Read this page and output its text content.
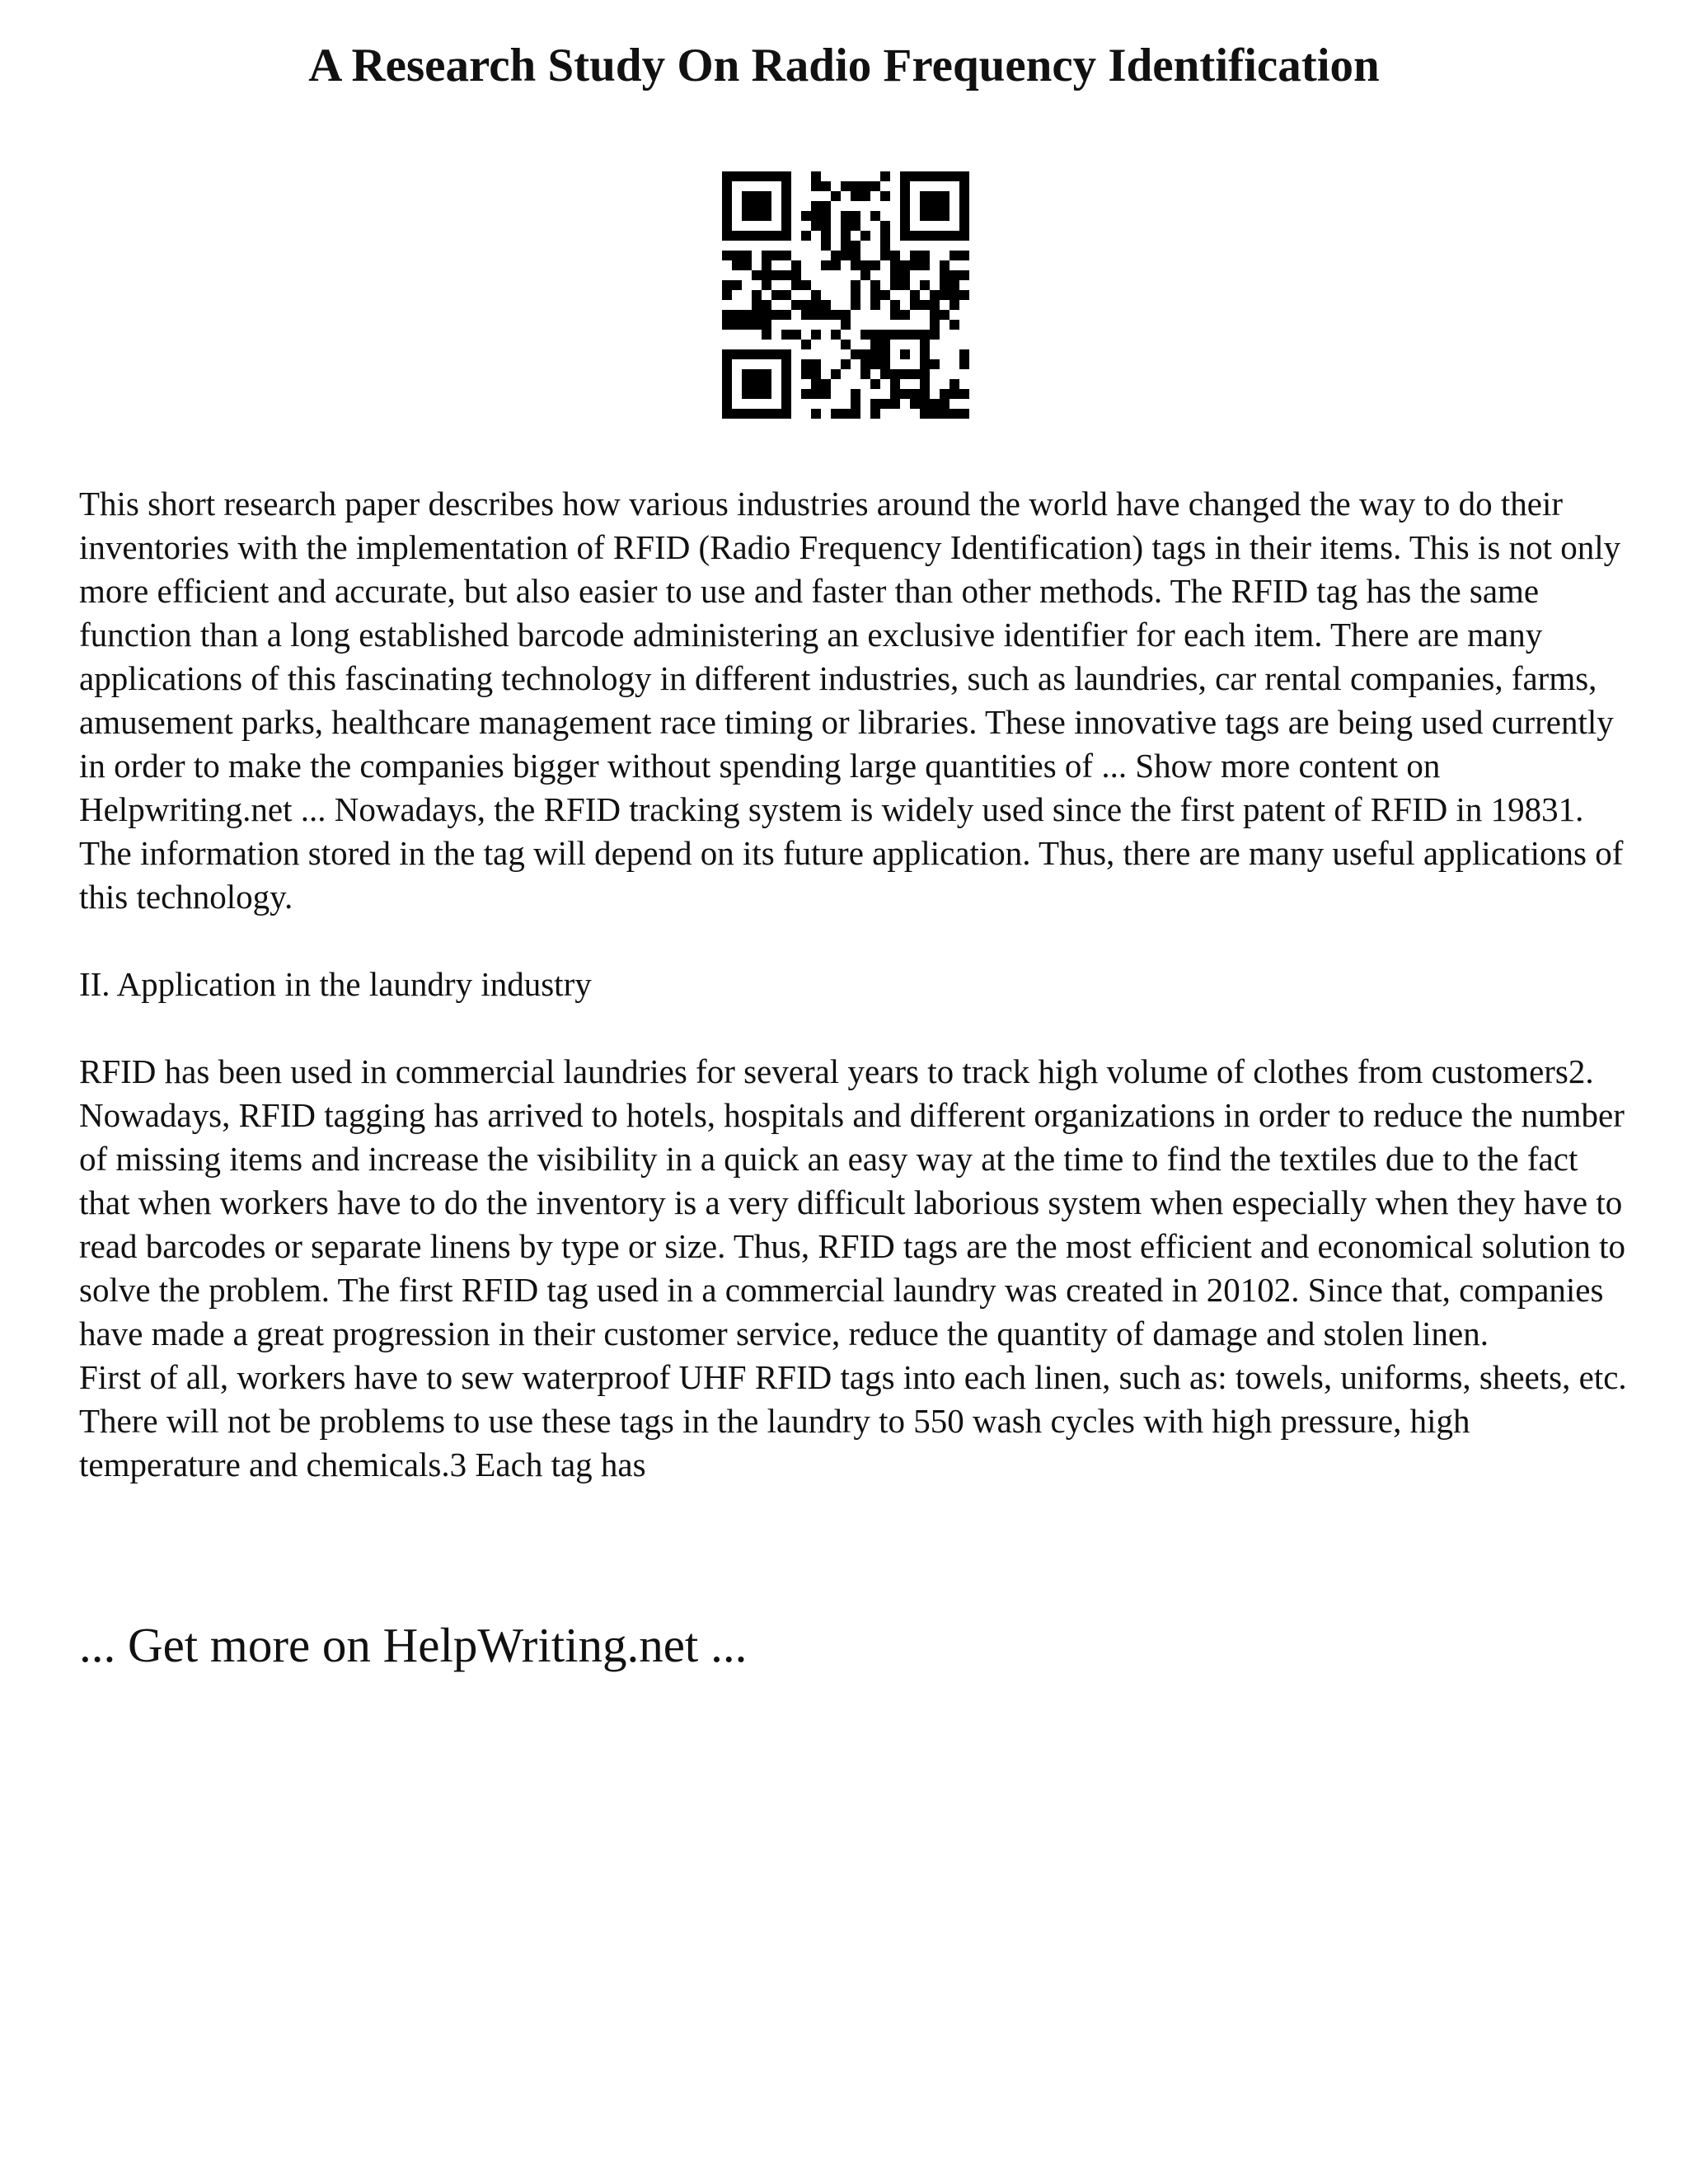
A Research Study On Radio Frequency Identification

This short research paper describes how various industries around the world have changed the way to do their inventories with the implementation of RFID (Radio Frequency Identification) tags in their items. This is not only more efficient and accurate, but also easier to use and faster than other methods. The RFID tag has the same function than a long established barcode administering an exclusive identifier for each item. There are many applications of this fascinating technology in different industries, such as laundries, car rental companies, farms, amusement parks, healthcare management race timing or libraries. These innovative tags are being used currently in order to make the companies bigger without spending large quantities of ... Show more content on Helpwriting.net ... Nowadays, the RFID tracking system is widely used since the first patent of RFID in 19831.

The information stored in the tag will depend on its future application. Thus, there are many useful applications of this technology.

II. Application in the laundry industry

RFID has been used in commercial laundries for several years to track high volume of clothes from customers2. Nowadays, RFID tagging has arrived to hotels, hospitals and different organizations in order to reduce the number of missing items and increase the visibility in a quick an easy way at the time to find the textiles due to the fact that when workers have to do the inventory is a very difficult laborious system when especially when they have to read barcodes or separate linens by type or size. Thus, RFID tags are the most efficient and economical solution to solve the problem. The first RFID tag used in a commercial laundry was created in 20102. Since that, companies have made a great progression in their customer service, reduce the quantity of damage and stolen linen.

First of all, workers have to sew waterproof UHF RFID tags into each linen, such as: towels, uniforms, sheets, etc. There will not be problems to use these tags in the laundry to 550 wash cycles with high pressure, high temperature and chemicals.3 Each tag has

... Get more on HelpWriting.net ...
